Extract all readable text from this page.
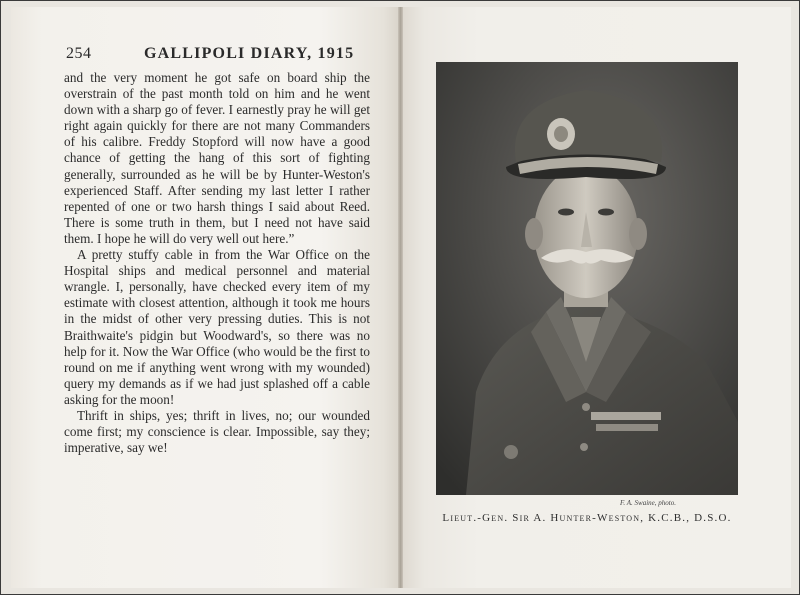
254	GALLIPOLI DIARY, 1915

and the very moment he got safe on board ship the overstrain of the past month told on him and he went down with a sharp go of fever. I earnestly pray he will get right again quickly for there are not many Commanders of his calibre. Freddy Stopford will now have a good chance of getting the hang of this sort of fighting generally, surrounded as he will be by Hunter-Weston's experienced Staff. After sending my last letter I rather repented of one or two harsh things I said about Reed. There is some truth in them, but I need not have said them. I hope he will do very well out here.”

A pretty stuffy cable in from the War Office on the Hospital ships and medical personnel and material wrangle. I, personally, have checked every item of my estimate with closest attention, although it took me hours in the midst of other very pressing duties. This is not Braithwaite's pidgin but Woodward's, so there was no help for it. Now the War Office (who would be the first to round on me if anything went wrong with my wounded) query my demands as if we had just splashed off a cable asking for the moon!

Thrift in ships, yes; thrift in lives, no; our wounded come first; my conscience is clear. Impossible, say they; imperative, say we!

F. A. Swaine, photo.
Lieut.-Gen. Sir A. Hunter-Weston, K.C.B., D.S.O.
